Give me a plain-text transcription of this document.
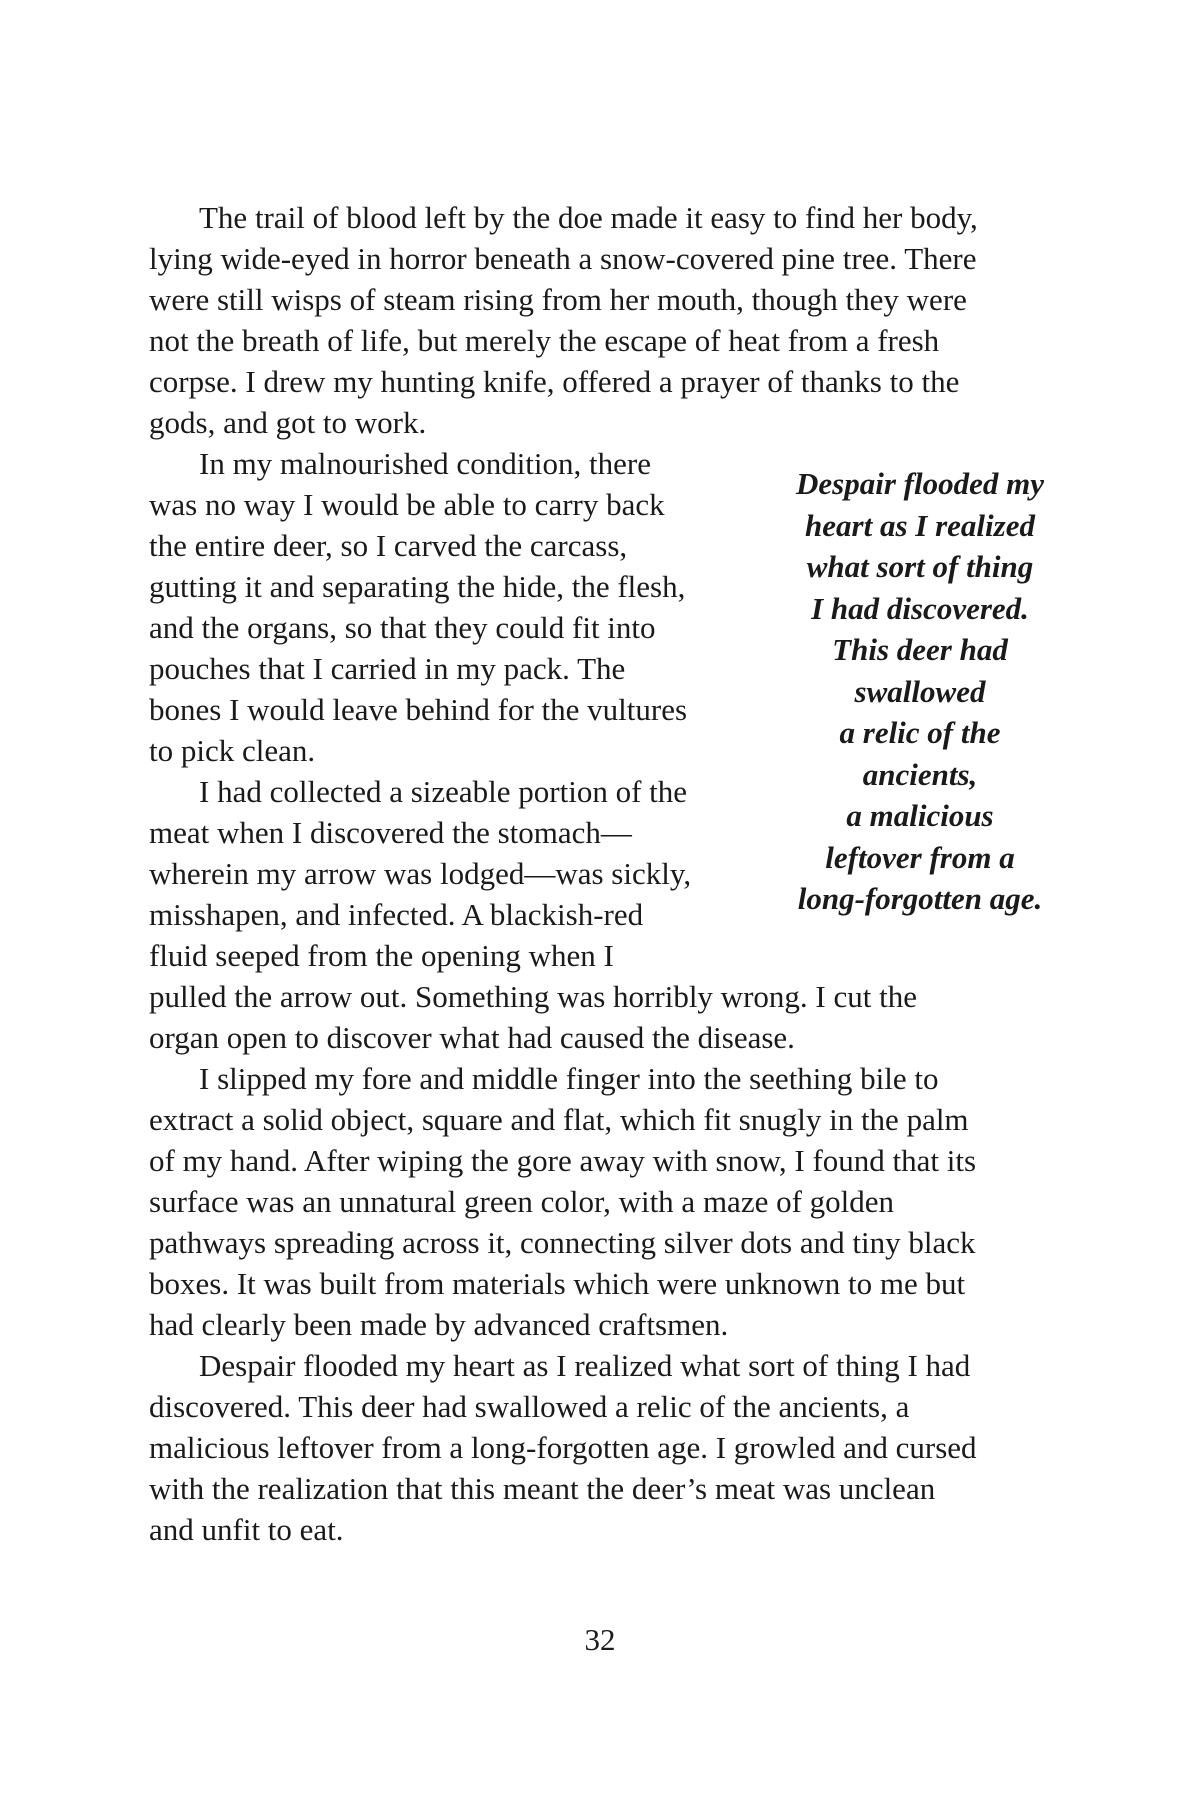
The trail of blood left by the doe made it easy to find her body,

lying wide-eyed in horror beneath a snow-covered pine tree. There

were still wisps of steam rising from her mouth, though they were

not the breath of life, but merely the escape of heat from a fresh

corpse. I drew my hunting knife, offered a prayer of thanks to the

gods, and got to work.

In my malnourished condition, there

was no way I would be able to carry back

the entire deer, so I carved the carcass,

gutting it and separating the hide, the flesh,

and the organs, so that they could fit into

pouches that I carried in my pack. The

bones I would leave behind for the vultures

to pick clean.

I had collected a sizeable portion of the

meat when I discovered the stomach—

wherein my arrow was lodged—was sickly,

misshapen, and infected. A blackish-red

fluid seeped from the opening when I

pulled the arrow out. Something was horribly wrong. I cut the

organ open to discover what had caused the disease.

I slipped my fore and middle finger into the seething bile to

extract a solid object, square and flat, which fit snugly in the palm

of my hand. After wiping the gore away with snow, I found that its

surface was an unnatural green color, with a maze of golden

pathways spreading across it, connecting silver dots and tiny black

boxes. It was built from materials which were unknown to me but

had clearly been made by advanced craftsmen.

Despair flooded my heart as I realized what sort of thing I had

discovered. This deer had swallowed a relic of the ancients, a

malicious leftover from a long-forgotten age. I growled and cursed

with the realization that this meant the deer’s meat was unclean

and unfit to eat.

Despair flooded my
heart as I realized
what sort of thing
I had discovered.
This deer had
swallowed
a relic of the
ancients,
a malicious
leftover from a
long-forgotten age.
32
